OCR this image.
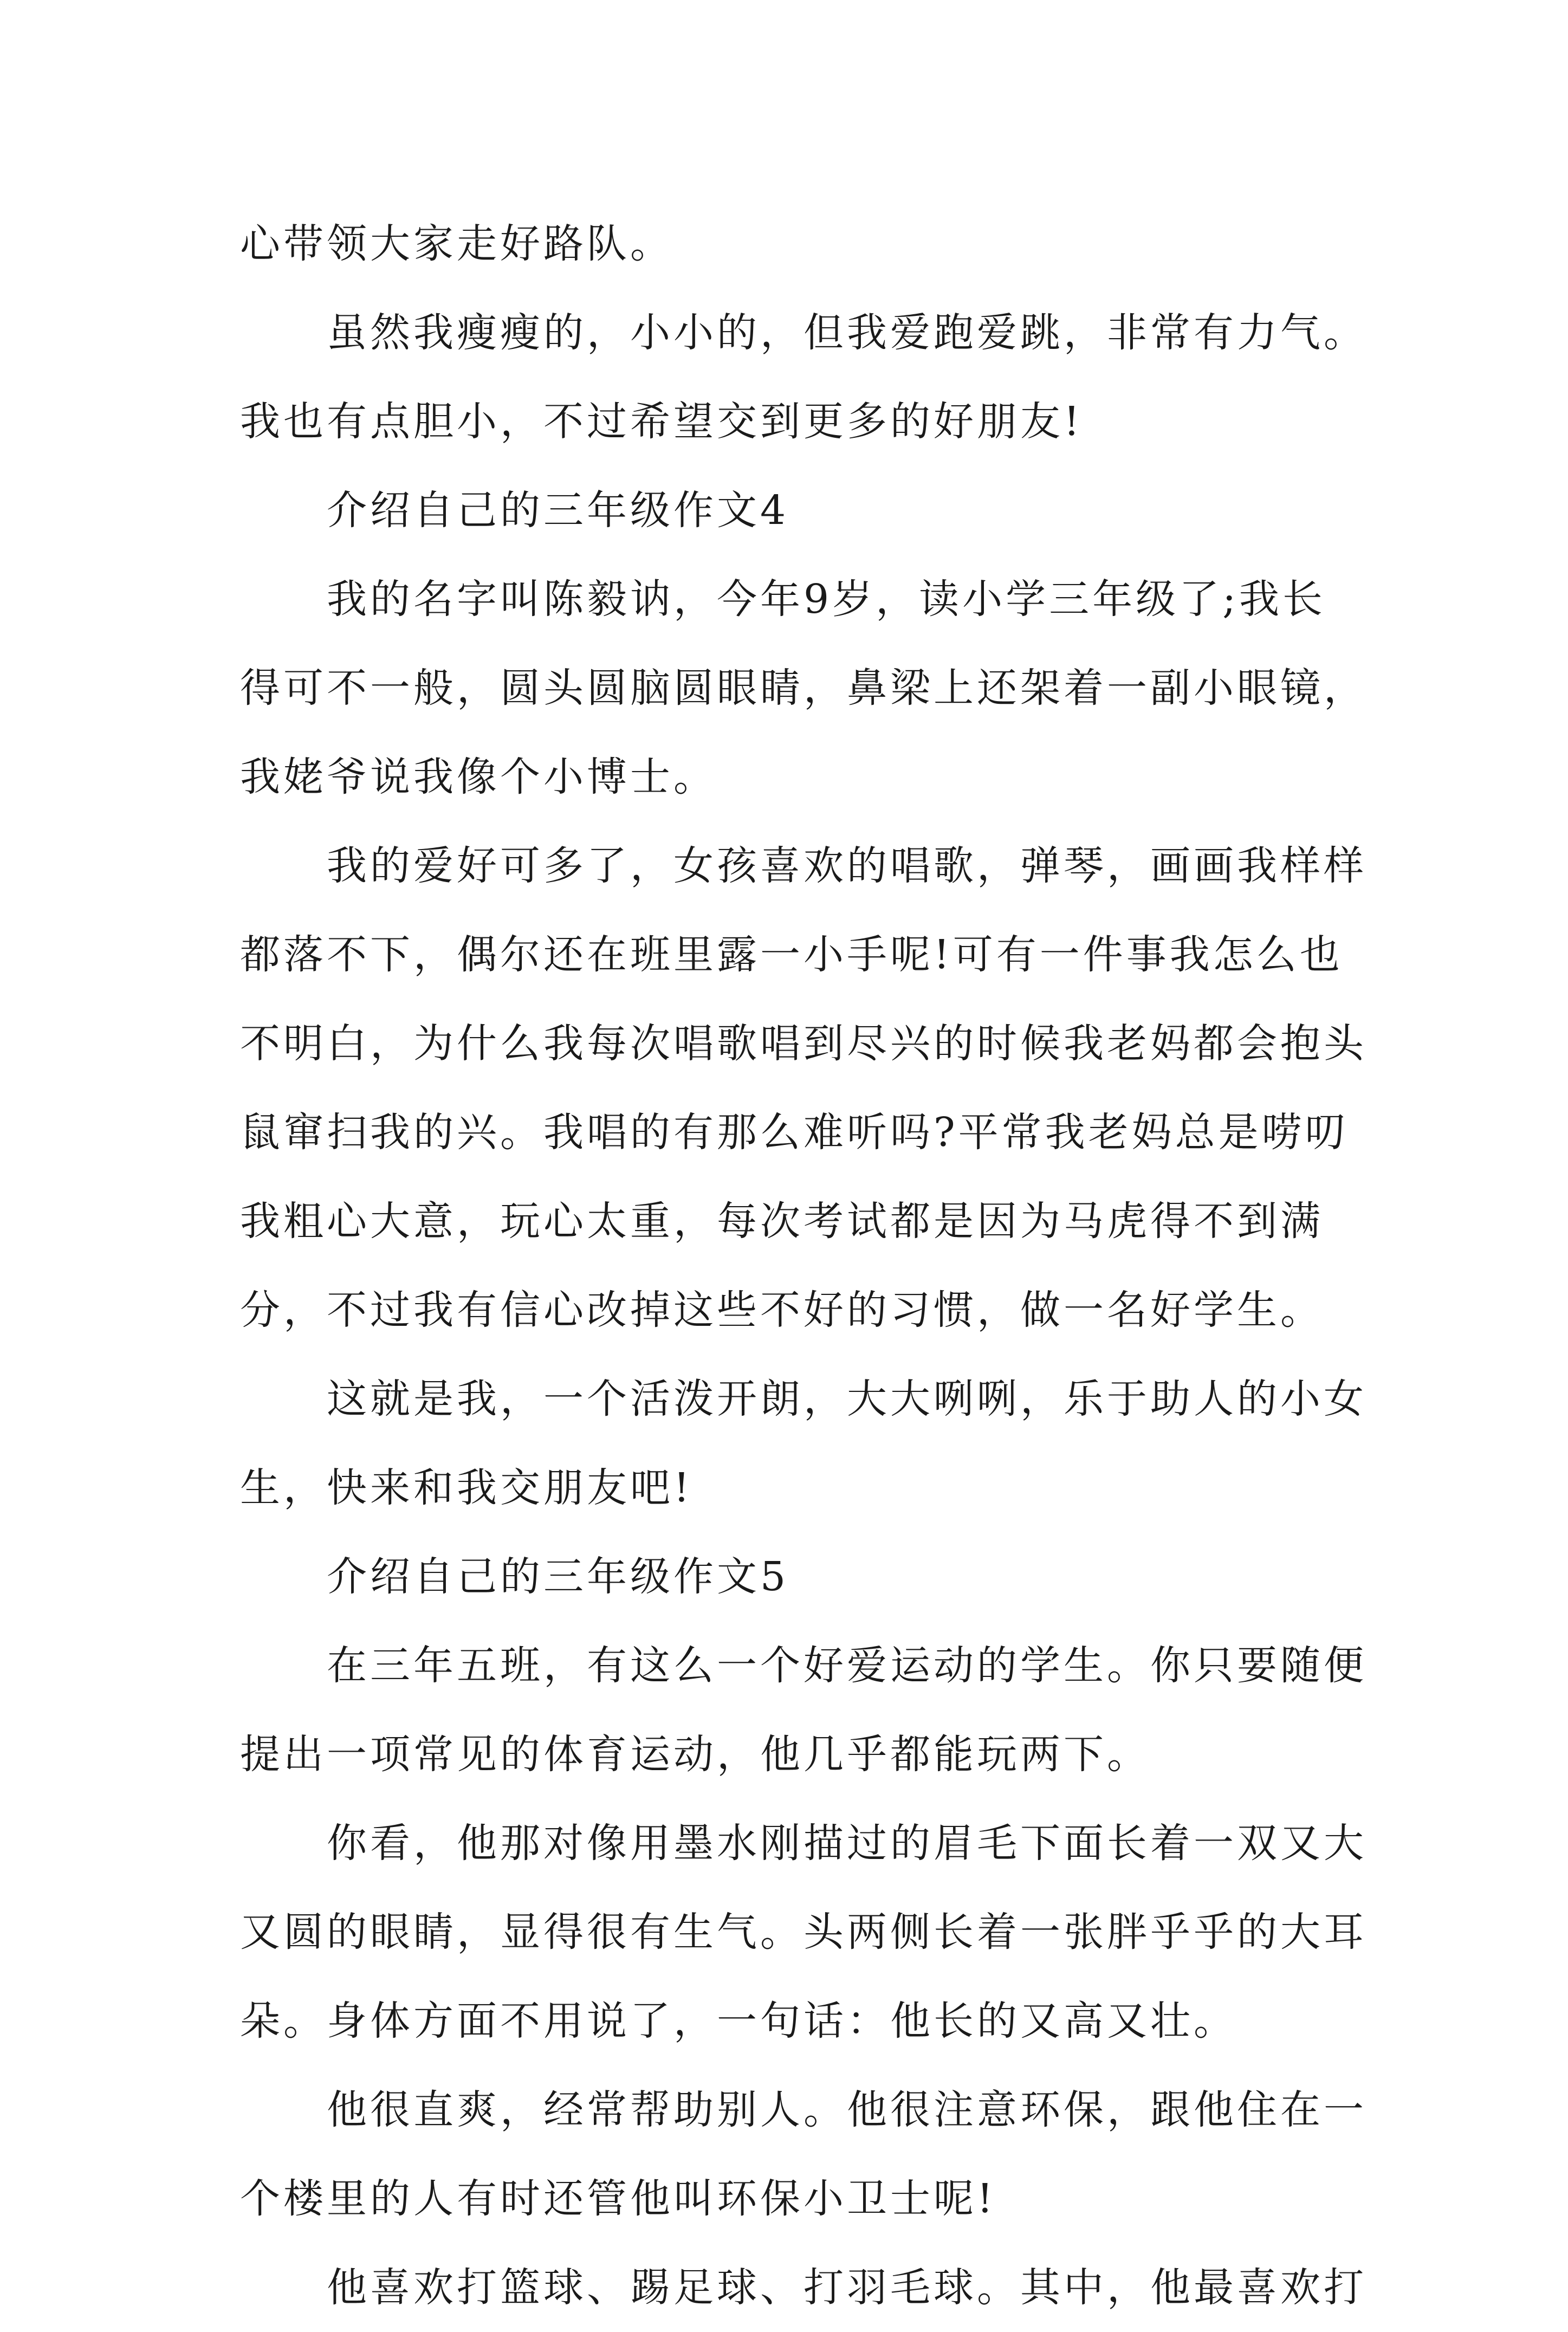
心带领大家走好路队。

虽然我瘦瘦的，小小的，但我爱跑爱跳，非常有力气。我也有点胆小，不过希望交到更多的好朋友!

介绍自己的三年级作文4

我的名字叫陈毅讷，今年9岁，读小学三年级了;我长得可不一般，圆头圆脑圆眼睛，鼻梁上还架着一副小眼镜，我姥爷说我像个小博士。

我的爱好可多了，女孩喜欢的唱歌，弹琴，画画我样样都落不下，偶尔还在班里露一小手呢!可有一件事我怎么也不明白，为什么我每次唱歌唱到尽兴的时候我老妈都会抱头鼠窜扫我的兴。我唱的有那么难听吗?平常我老妈总是唠叨我粗心大意，玩心太重，每次考试都是因为马虎得不到满分，不过我有信心改掉这些不好的习惯，做一名好学生。

这就是我，一个活泼开朗，大大咧咧，乐于助人的小女生，快来和我交朋友吧!

介绍自己的三年级作文5

在三年五班，有这么一个好爱运动的学生。你只要随便提出一项常见的体育运动，他几乎都能玩两下。

你看，他那对像用墨水刚描过的眉毛下面长着一双又大又圆的眼睛，显得很有生气。头两侧长着一张胖乎乎的大耳朵。身体方面不用说了，一句话：他长的又高又壮。

他很直爽，经常帮助别人。他很注意环保，跟他住在一个楼里的人有时还管他叫环保小卫士呢!

他喜欢打篮球、踢足球、打羽毛球。其中，他最喜欢打
